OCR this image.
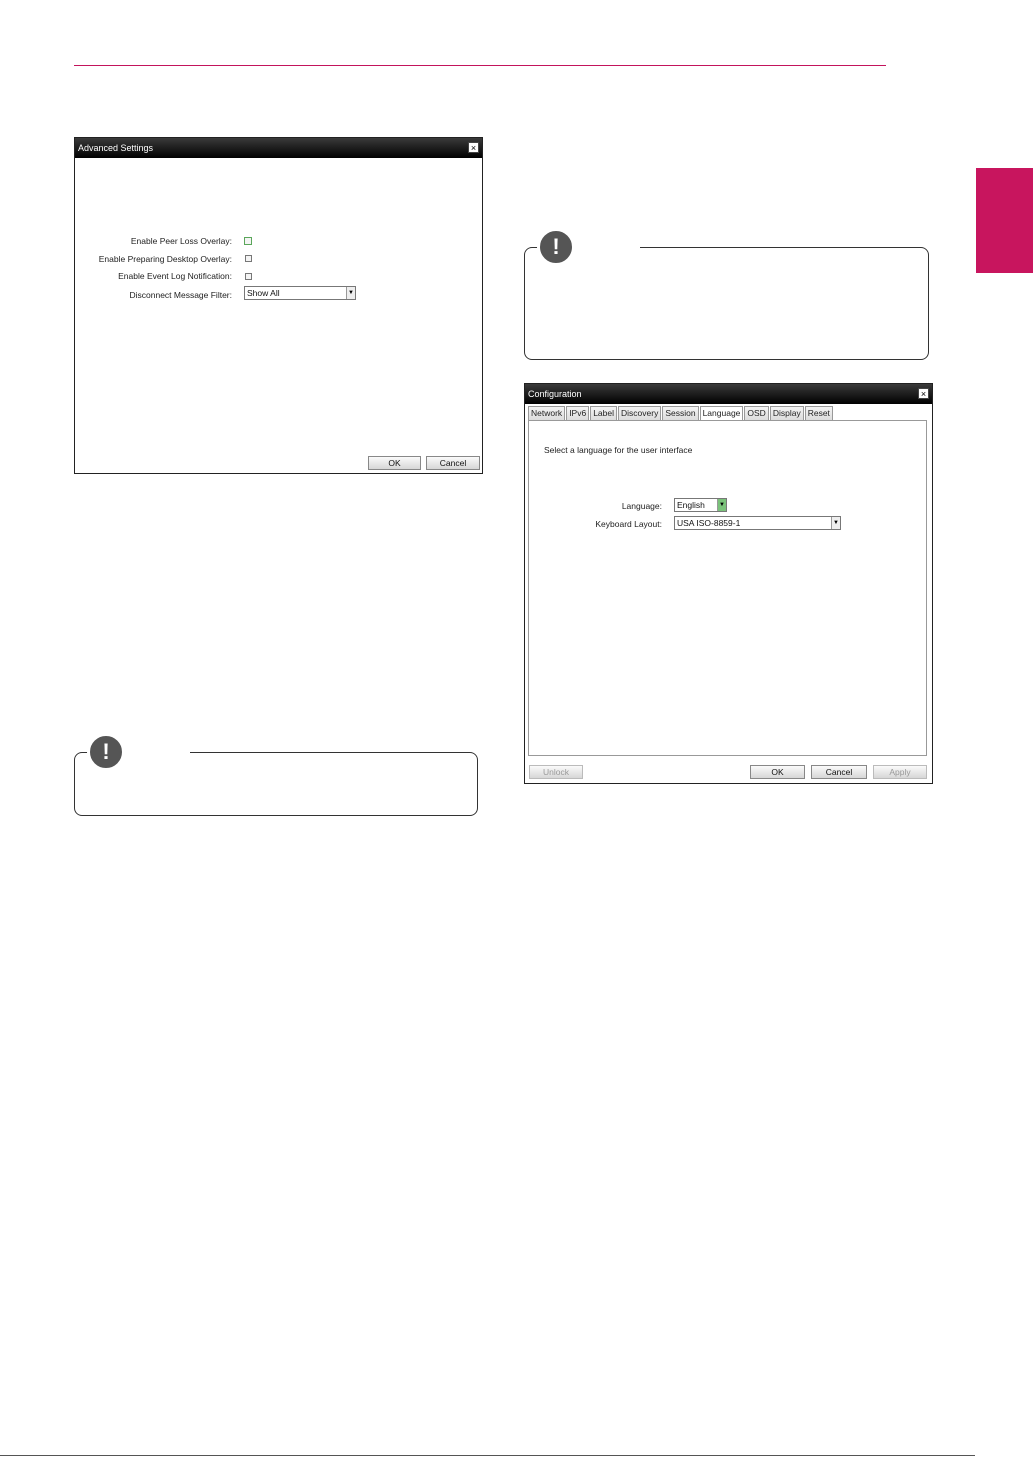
Advanced Settings	×
Enable Peer Loss Overlay:
Enable Preparing Desktop Overlay:
Enable Event Log Notification:
Disconnect Message Filter:	Show All	▼
OK	Cancel
!
!
Configuration	×
Network IPv6 Label Discovery Session Language OSD Display Reset
Select a language for the user interface
Language:	English	▼
Keyboard Layout:	USA ISO-8859-1	▼
Unlock	OK	Cancel	Apply
